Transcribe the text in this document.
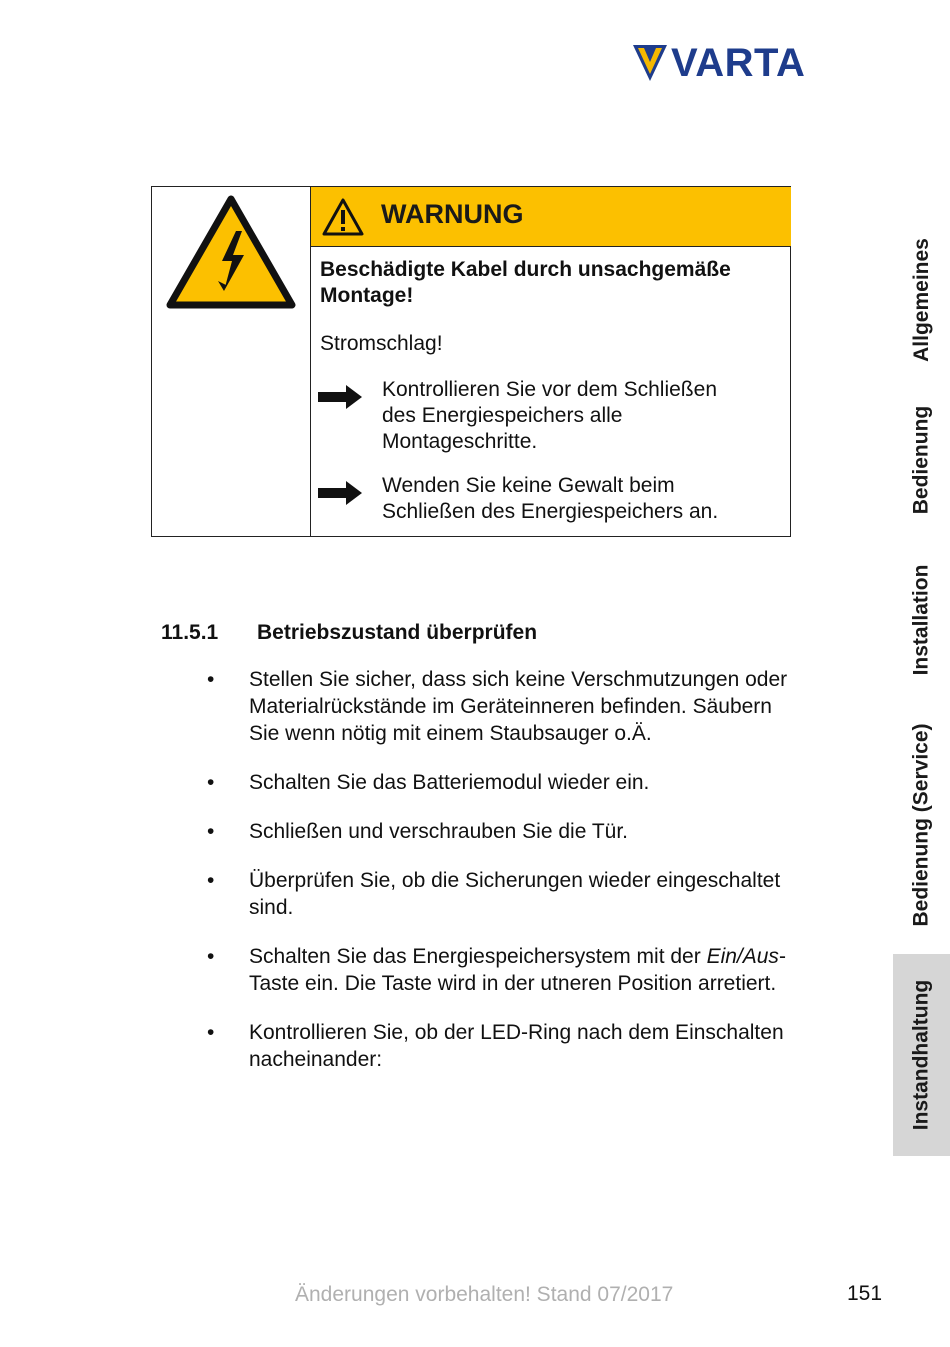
VARTA
WARNUNG

Beschädigte Kabel durch unsachgemäße
Montage!

Stromschlag!

Kontrollieren Sie vor dem Schließen
des Energiespeichers alle
Montageschritte.
Wenden Sie keine Gewalt beim
Schließen des Energiespeichers an.
11.5.1 Betriebszustand überprüfen
•	Stellen Sie sicher, dass sich keine Verschmutzungen oder
Materialrückstände im Geräteinneren befinden. Säubern
Sie wenn nötig mit einem Staubsauger o.Ä.
•	Schalten Sie das Batteriemodul wieder ein.
•	Schließen und verschrauben Sie die Tür.
•	Überprüfen Sie, ob die Sicherungen wieder eingeschaltet
sind.
•	Schalten Sie das Energiespeichersystem mit der Ein/Aus-
Taste ein. Die Taste wird in der utneren Position arretiert.
•	Kontrollieren Sie, ob der LED-Ring nach dem Einschalten
nacheinander:
Allgemeines
Bedienung
Installation
Bedienung (Service)
Instandhaltung
Änderungen vorbehalten! Stand 07/2017	151
